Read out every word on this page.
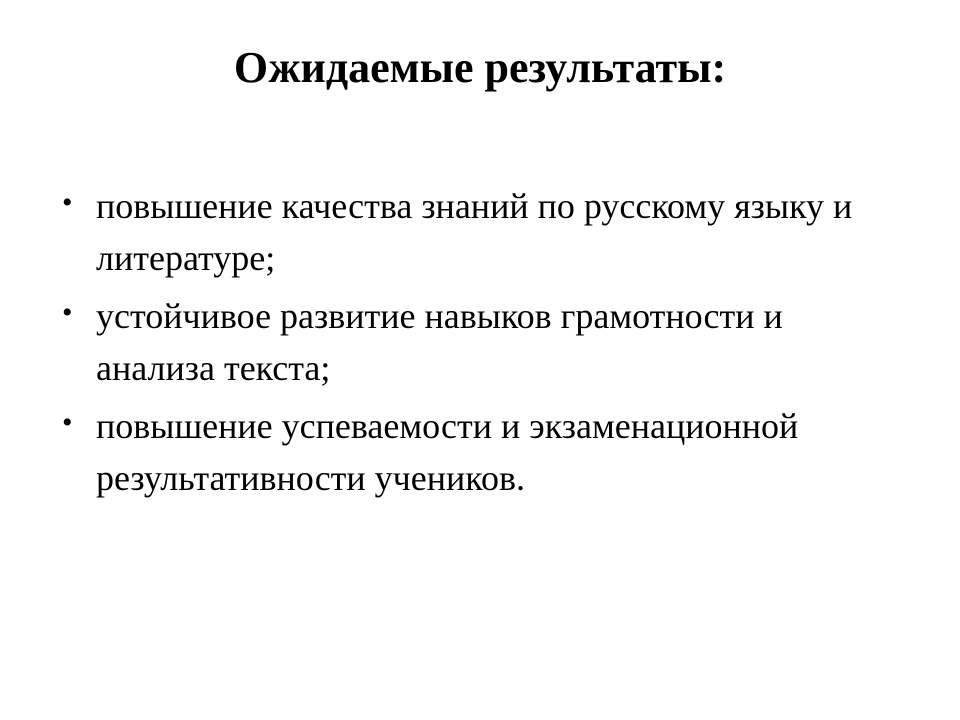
Ожидаемые результаты:
• повышение качества знаний по русскому языку и литературе;
• устойчивое развитие навыков грамотности и анализа текста;
• повышение успеваемости и экзаменационной результативности учеников.
